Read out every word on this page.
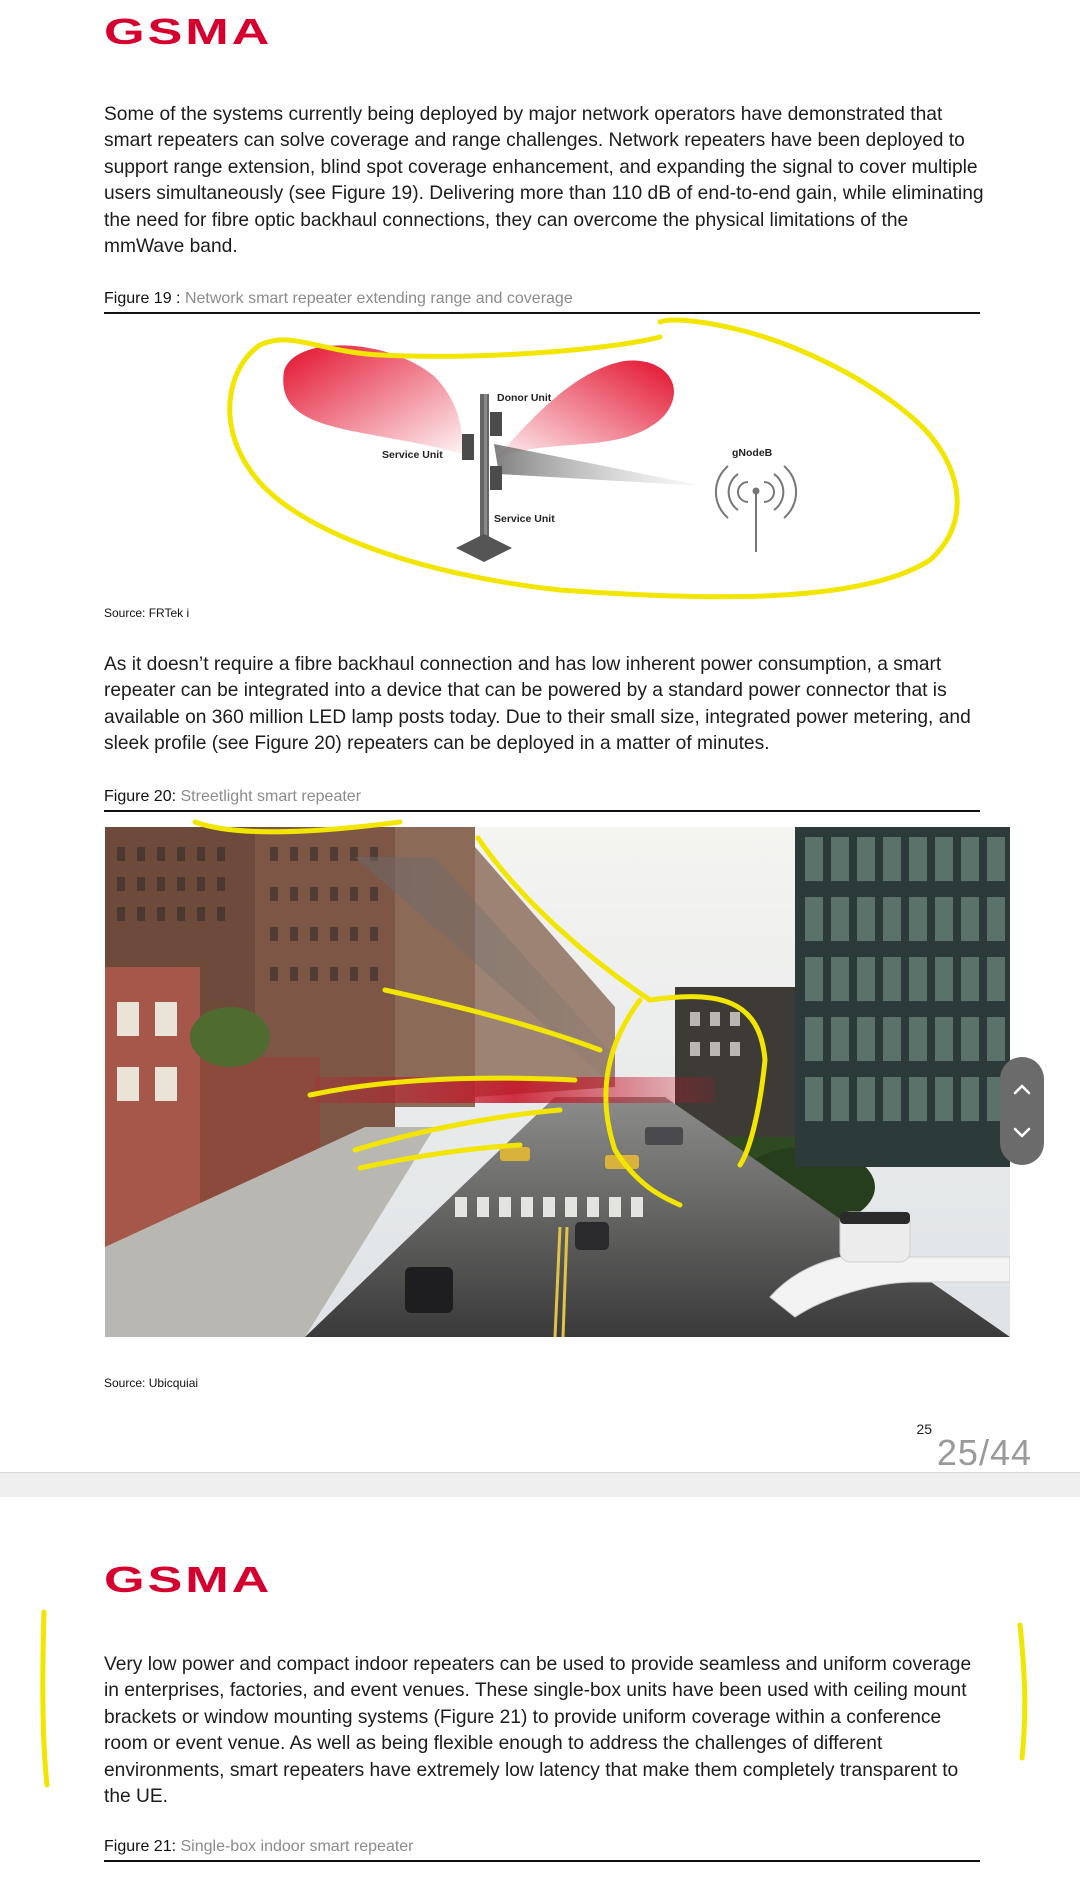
GSMA

Some of the systems currently being deployed by major network operators have demonstrated that smart repeaters can solve coverage and range challenges. Network repeaters have been deployed to support range extension, blind spot coverage enhancement, and expanding the signal to cover multiple users simultaneously (see Figure 19). Delivering more than 110 dB of end-to-end gain, while eliminating the need for fibre optic backhaul connections, they can overcome the physical limitations of the mmWave band.

Figure 19 : Network smart repeater extending range and coverage
Donor Unit
Service Unit
Service Unit
gNodeB
Source: FRTek i

As it doesn’t require a fibre backhaul connection and has low inherent power consumption, a smart repeater can be integrated into a device that can be powered by a standard power connector that is available on 360 million LED lamp posts today. Due to their small size, integrated power metering, and sleek profile (see Figure 20) repeaters can be deployed in a matter of minutes.

Figure 20: Streetlight smart repeater
Source: Ubicquiai
25
25/44
GSMA

Very low power and compact indoor repeaters can be used to provide seamless and uniform coverage in enterprises, factories, and event venues. These single-box units have been used with ceiling mount brackets or window mounting systems (Figure 21) to provide uniform coverage within a conference room or event venue. As well as being flexible enough to address the challenges of different environments, smart repeaters have extremely low latency that make them completely transparent to the UE.

Figure 21: Single-box indoor smart repeater
